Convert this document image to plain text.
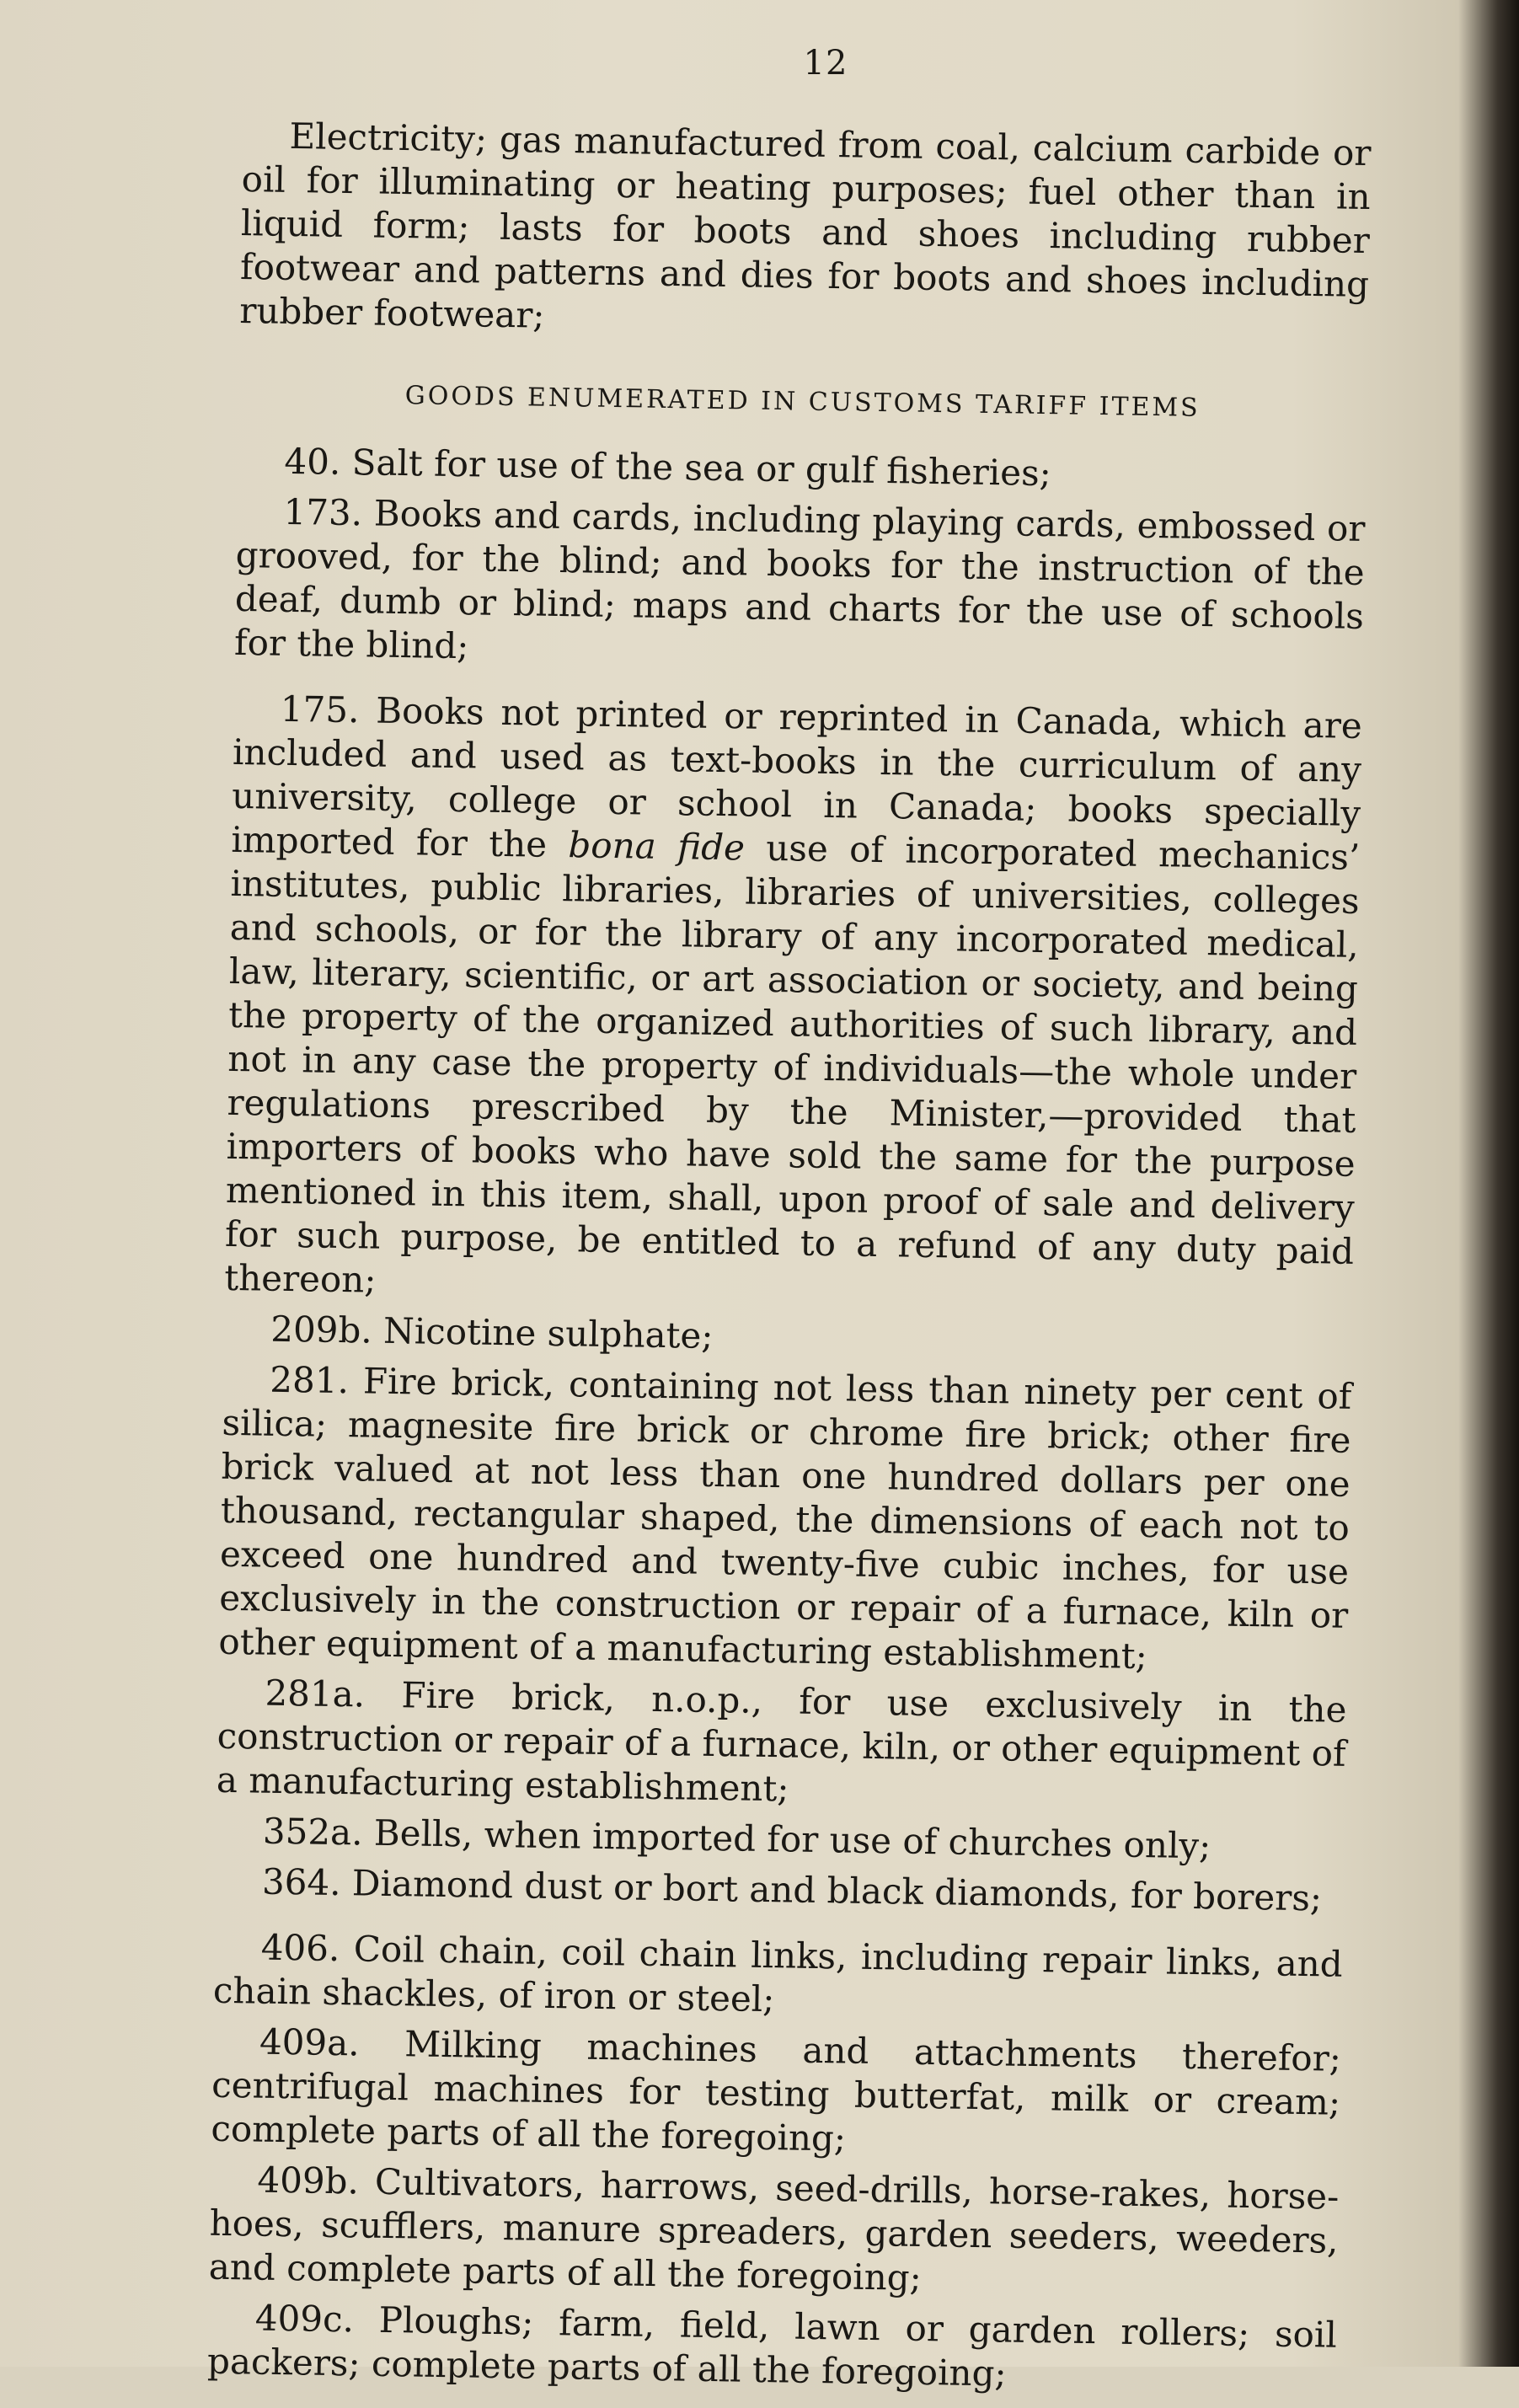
12

Electricity; gas manufactured from coal, calcium carbide or oil for illuminating or heating purposes; fuel other than in liquid form; lasts for boots and shoes including rubber footwear and patterns and dies for boots and shoes including rubber footwear;

GOODS ENUMERATED IN CUSTOMS TARIFF ITEMS

40. Salt for use of the sea or gulf fisheries;

173. Books and cards, including playing cards, embossed or grooved, for the blind; and books for the instruction of the deaf, dumb or blind; maps and charts for the use of schools for the blind;

175. Books not printed or reprinted in Canada, which are included and used as text-books in the curriculum of any university, college or school in Canada; books specially imported for the bona fide use of incorporated mechanics’ institutes, public libraries, libraries of universities, colleges and schools, or for the library of any incorporated medical, law, literary, scientific, or art association or society, and being the property of the organized authorities of such library, and not in any case the property of individuals—the whole under regulations prescribed by the Minister,—provided that importers of books who have sold the same for the purpose mentioned in this item, shall, upon proof of sale and delivery for such purpose, be entitled to a refund of any duty paid thereon;

209b. Nicotine sulphate;

281. Fire brick, containing not less than ninety per cent of silica; magnesite fire brick or chrome fire brick; other fire brick valued at not less than one hundred dollars per one thousand, rectangular shaped, the dimensions of each not to exceed one hundred and twenty-five cubic inches, for use exclusively in the construction or repair of a furnace, kiln or other equipment of a manufacturing establishment;

281a. Fire brick, n.o.p., for use exclusively in the construction or repair of a furnace, kiln, or other equipment of a manufacturing establishment;

352a. Bells, when imported for use of churches only;

364. Diamond dust or bort and black diamonds, for borers;

406. Coil chain, coil chain links, including repair links, and chain shackles, of iron or steel;

409a. Milking machines and attachments therefor; centrifugal machines for testing butterfat, milk or cream; complete parts of all the foregoing;

409b. Cultivators, harrows, seed-drills, horse-rakes, horse-hoes, scufflers, manure spreaders, garden seeders, weeders, and complete parts of all the foregoing;

409c. Ploughs; farm, field, lawn or garden rollers; soil packers; complete parts of all the foregoing;
